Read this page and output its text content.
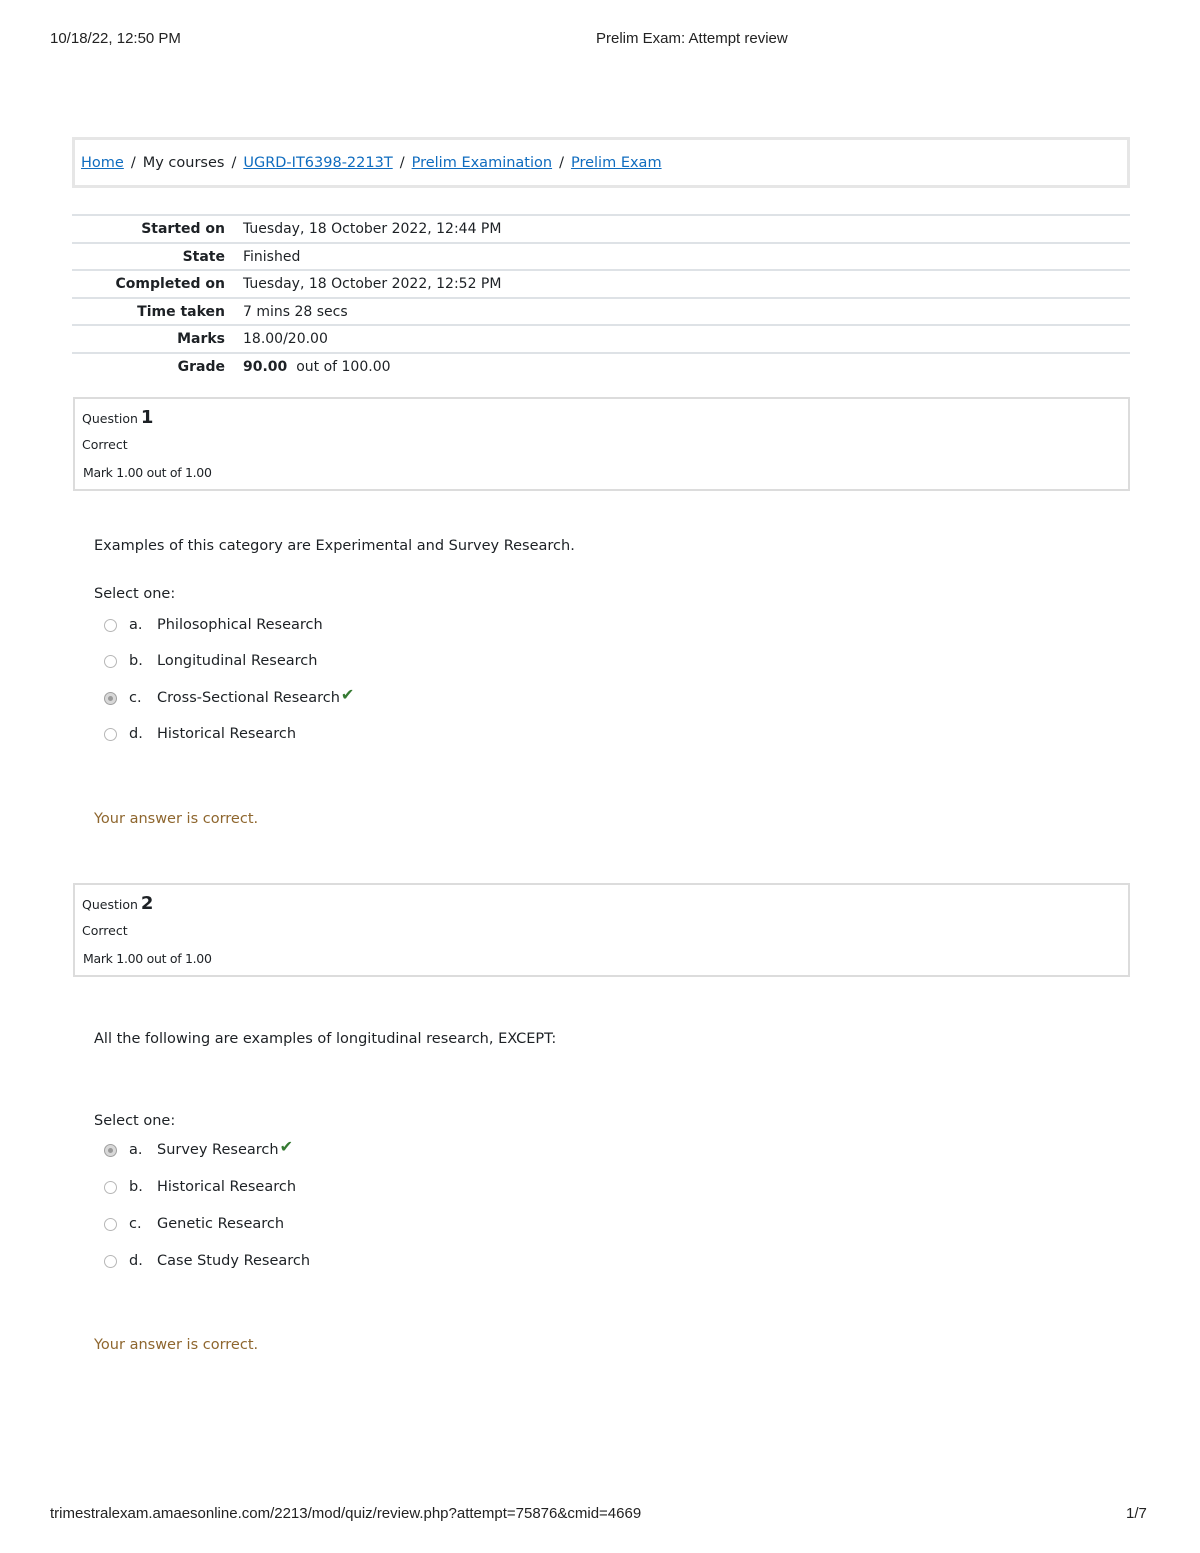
10/18/22, 12:50 PM	Prelim Exam: Attempt review
Home / My courses / UGRD-IT6398-2213T / Prelim Examination / Prelim Exam
Started on Tuesday, 18 October 2022, 12:44 PM
State Finished
Completed on Tuesday, 18 October 2022, 12:52 PM
Time taken 7 mins 28 secs
Marks 18.00/20.00
Grade 90.00 out of 100.00
Question 1
Correct
Mark 1.00 out of 1.00
Examples of this category are Experimental and Survey Research.
Select one:
a.	Philosophical Research
b. Longitudinal Research
c.	Cross-Sectional Research ✔
d. Historical Research
Your answer is correct.
Question 2
Correct
Mark 1.00 out of 1.00
All the following are examples of longitudinal research, EXCEPT:
Select one:
a.	Survey Research ✔
b. Historical Research
c.	Genetic Research
d. Case Study Research
Your answer is correct.
trimestralexam.amaesonline.com/2213/mod/quiz/review.php?attempt=75876&cmid=4669	1/7
